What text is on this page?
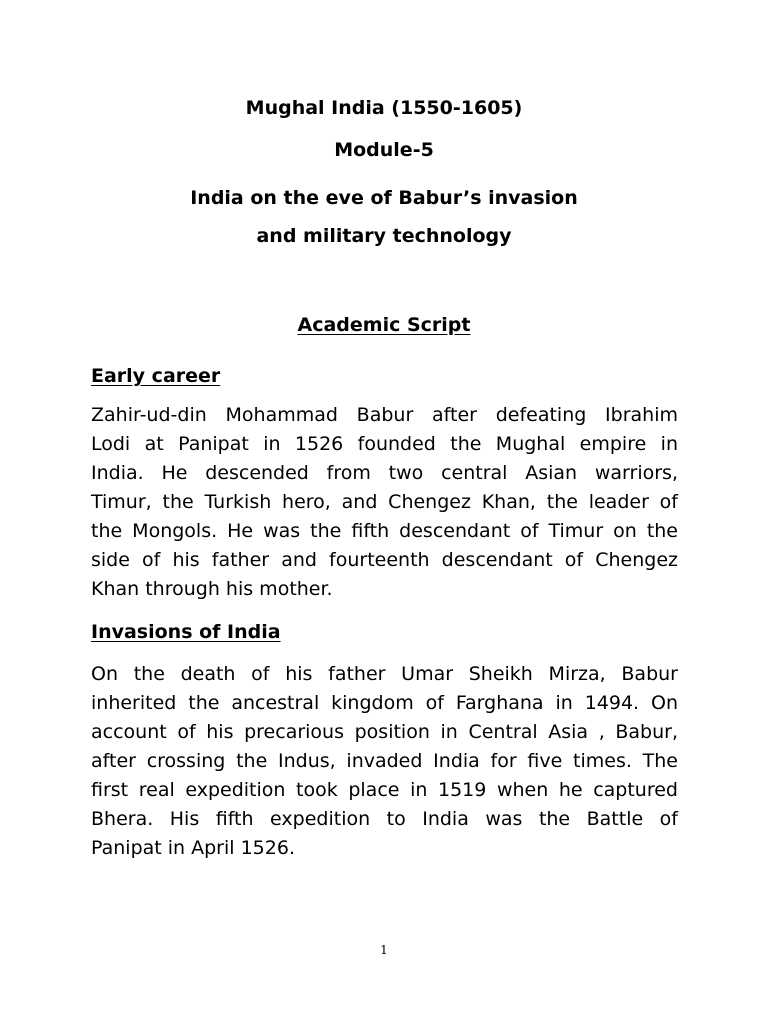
Mughal India (1550-1605)
Module-5
India on the eve of Babur’s invasion
and military technology
Academic Script
Early career
Zahir-ud-din Mohammad Babur after defeating Ibrahim
Lodi at Panipat in 1526 founded the Mughal empire in
India. He descended from two central Asian warriors,
Timur, the Turkish hero, and Chengez Khan, the leader of
the Mongols. He was the fifth descendant of Timur on the
side of his father and fourteenth descendant of Chengez
Khan through his mother.
Invasions of India
On the death of his father Umar Sheikh Mirza, Babur
inherited the ancestral kingdom of Farghana in 1494. On
account of his precarious position in Central Asia , Babur,
after crossing the Indus, invaded India for five times. The
first real expedition took place in 1519 when he captured
Bhera. His fifth expedition to India was the Battle of
Panipat in April 1526.
1
